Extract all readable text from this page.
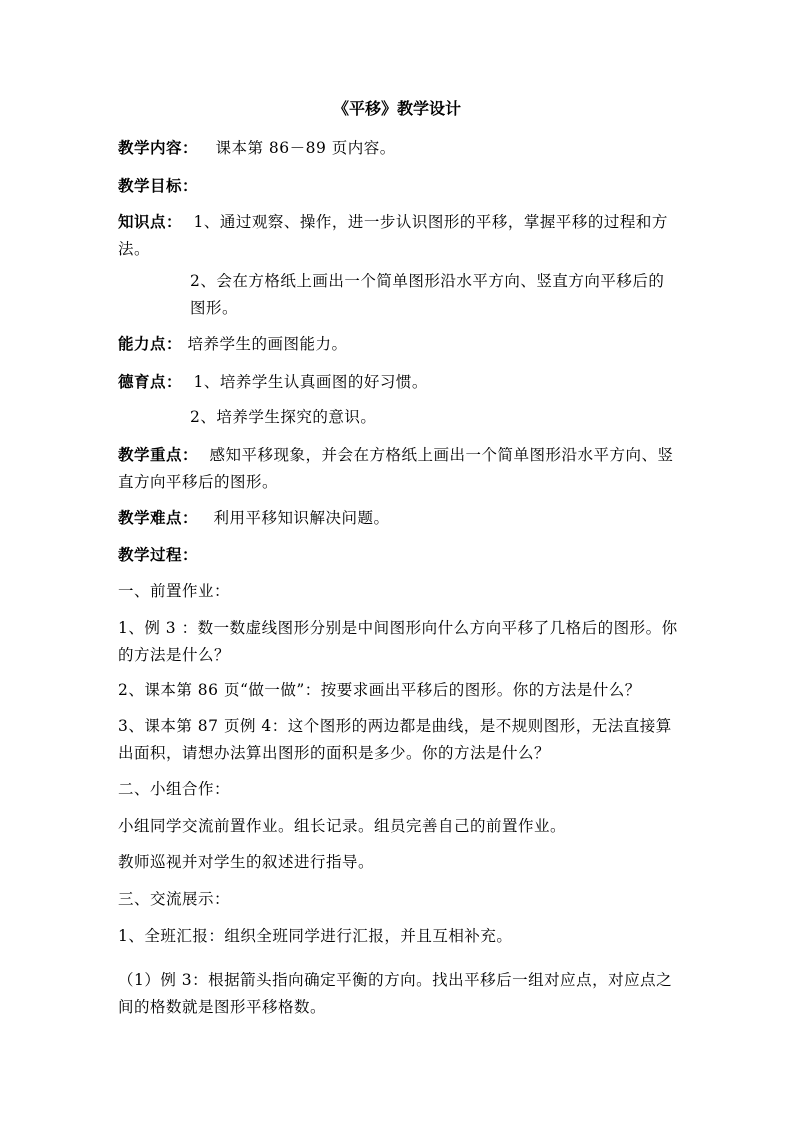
《平移》教学设计
教学内容： 课本第 86－89 页内容。
教学目标：
知识点： 1、通过观察、操作，进一步认识图形的平移，掌握平移的过程和方法。
2、会在方格纸上画出一个简单图形沿水平方向、竖直方向平移后的图形。
能力点： 培养学生的画图能力。
德育点： 1、培养学生认真画图的好习惯。
2、培养学生探究的意识。
教学重点： 感知平移现象，并会在方格纸上画出一个简单图形沿水平方向、竖直方向平移后的图形。
教学难点： 利用平移知识解决问题。
教学过程：
一、前置作业：
1、例 3 ：数一数虚线图形分别是中间图形向什么方向平移了几格后的图形。你的方法是什么？
2、课本第 86 页“做一做”：按要求画出平移后的图形。你的方法是什么？
3、课本第 87 页例 4：这个图形的两边都是曲线，是不规则图形，无法直接算出面积，请想办法算出图形的面积是多少。你的方法是什么？
二、小组合作：
小组同学交流前置作业。组长记录。组员完善自己的前置作业。
教师巡视并对学生的叙述进行指导。
三、交流展示：
1、全班汇报：组织全班同学进行汇报，并且互相补充。
（1）例 3：根据箭头指向确定平衡的方向。找出平移后一组对应点，对应点之间的格数就是图形平移格数。
